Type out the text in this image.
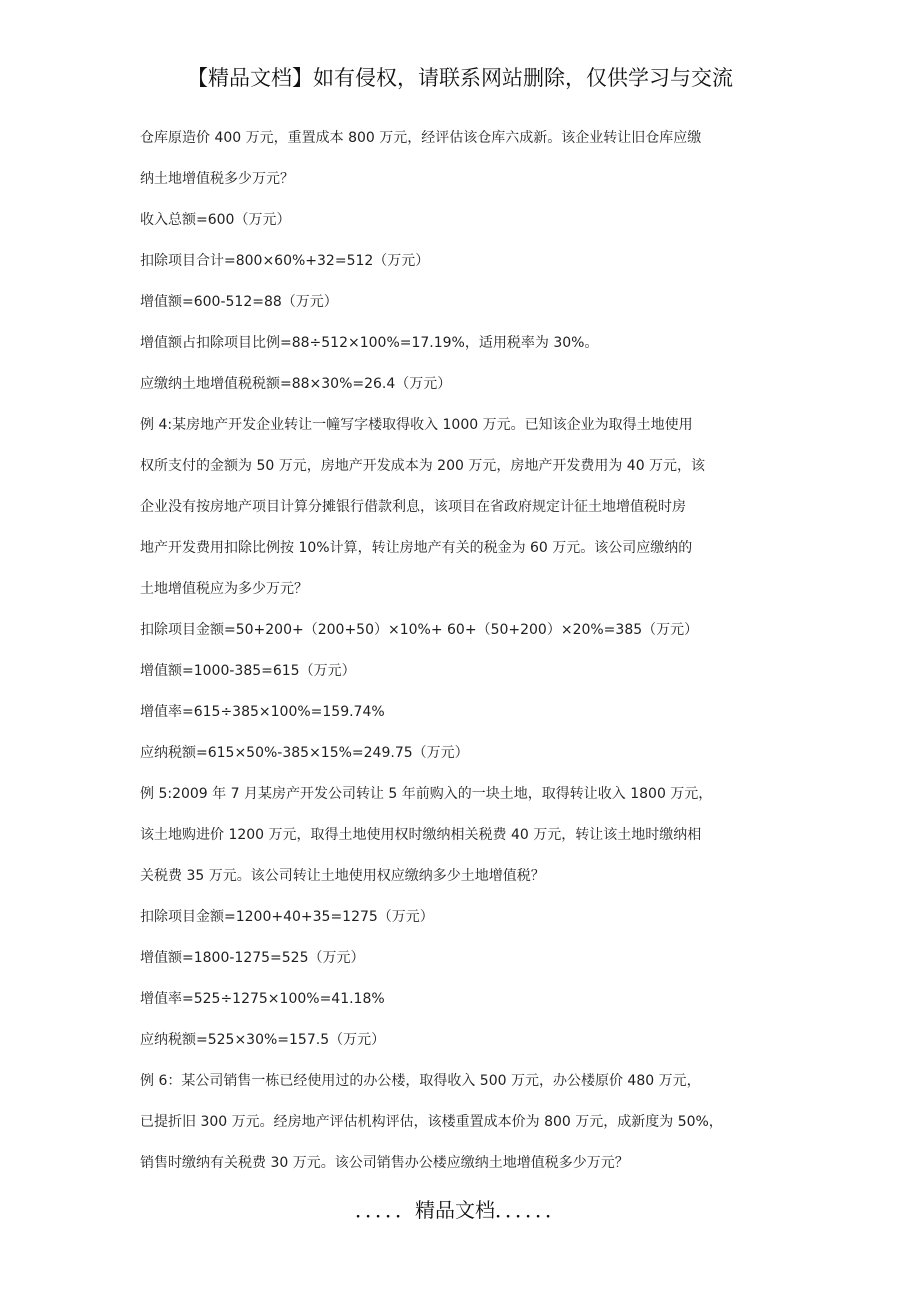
【精品文档】如有侵权，请联系网站删除，仅供学习与交流
仓库原造价 400 万元，重置成本 800 万元，经评估该仓库六成新。该企业转让旧仓库应缴
纳土地增值税多少万元？
收入总额=600（万元）
扣除项目合计=800×60%+32=512（万元）
增值额=600-512=88（万元）
增值额占扣除项目比例=88÷512×100%=17.19%，适用税率为 30%。
应缴纳土地增值税税额=88×30%=26.4（万元）
例 4:某房地产开发企业转让一幢写字楼取得收入 1000 万元。已知该企业为取得土地使用
权所支付的金额为 50 万元，房地产开发成本为 200 万元，房地产开发费用为 40 万元，该
企业没有按房地产项目计算分摊银行借款利息，该项目在省政府规定计征土地增值税时房
地产开发费用扣除比例按 10%计算，转让房地产有关的税金为 60 万元。该公司应缴纳的
土地增值税应为多少万元？
扣除项目金额=50+200+（200+50）×10%+ 60+（50+200）×20%=385（万元）
增值额=1000-385=615（万元）
增值率=615÷385×100%=159.74%
应纳税额=615×50%-385×15%=249.75（万元）
例 5:2009 年 7 月某房产开发公司转让 5 年前购入的一块土地，取得转让收入 1800 万元，
该土地购进价 1200 万元，取得土地使用权时缴纳相关税费 40 万元，转让该土地时缴纳相
关税费 35 万元。该公司转让土地使用权应缴纳多少土地增值税？
扣除项目金额=1200+40+35=1275（万元）
增值额=1800-1275=525（万元）
增值率=525÷1275×100%=41.18%
应纳税额=525×30%=157.5（万元）
例 6：某公司销售一栋已经使用过的办公楼，取得收入 500 万元，办公楼原价 480 万元，
已提折旧 300 万元。经房地产评估机构评估，该楼重置成本价为 800 万元，成新度为 50%，
销售时缴纳有关税费 30 万元。该公司销售办公楼应缴纳土地增值税多少万元？
．．．．．精品文档．．．．．．
